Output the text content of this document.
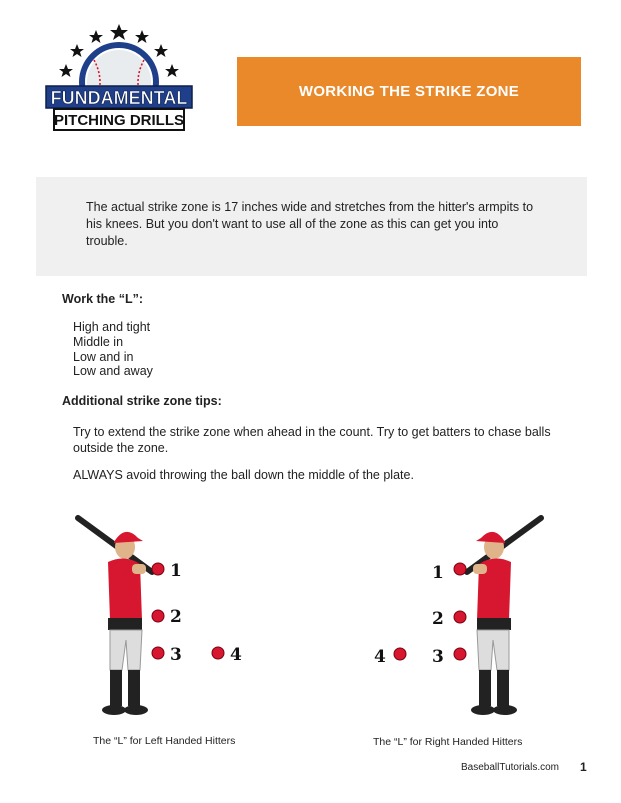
FUNDAMENTAL
PITCHING DRILLS
WORKING THE STRIKE ZONE
The actual strike zone is 17 inches wide and stretches from the hitter's armpits to his knees. But you don't want to use all of the zone as this can get you into trouble.
Work the “L”:
High and tight
Middle in
Low and in
Low and away
Additional strike zone tips:
Try to extend the strike zone when ahead in the count. Try to get batters to chase balls outside the zone.
ALWAYS avoid throwing the ball down the middle of the plate.
1
2
3	4
The “L” for Left Handed Hitters
1
2
3
4
The “L” for Right Handed Hitters
BaseballTutorials.com 1
